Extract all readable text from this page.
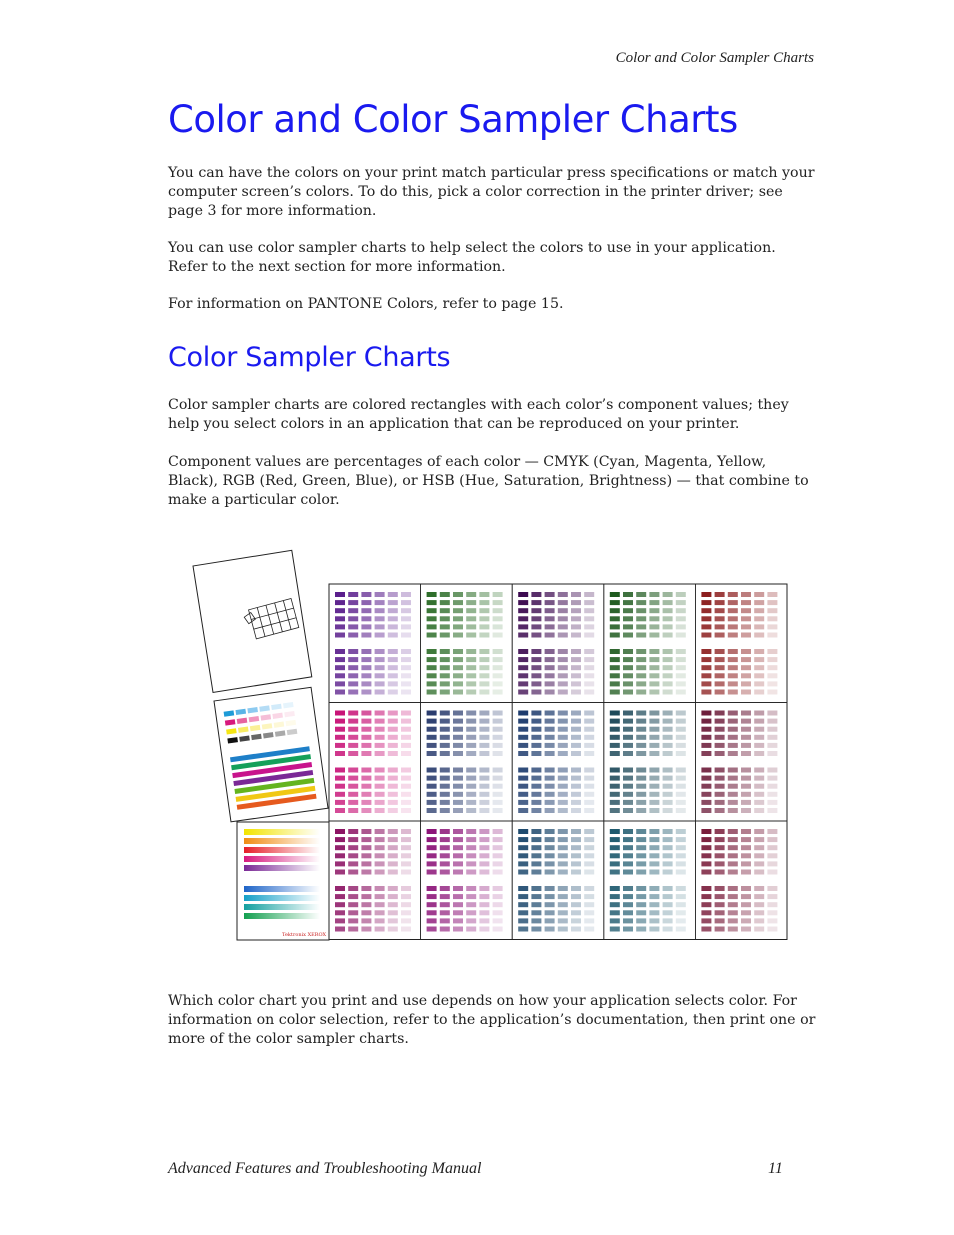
Color and Color Sampler Charts
Color and Color Sampler Charts

You can have the colors on your print match particular press specifications or match your computer screen’s colors. To do this, pick a color correction in the printer driver; see page 3 for more information.

You can use color sampler charts to help select the colors to use in your application. Refer to the next section for more information.

For information on PANTONE Colors, refer to page 15.

Color Sampler Charts

Color sampler charts are colored rectangles with each color’s component values; they help you select colors in an application that can be reproduced on your printer.

Component values are percentages of each color — CMYK (Cyan, Magenta, Yellow, Black), RGB (Red, Green, Blue), or HSB (Hue, Saturation, Brightness) — that combine to make a particular color.

Tektronix XEROX

Which color chart you print and use depends on how your application selects color. For information on color selection, refer to the application’s documentation, then print one or more of the color sampler charts.

Advanced Features and Troubleshooting Manual	11
